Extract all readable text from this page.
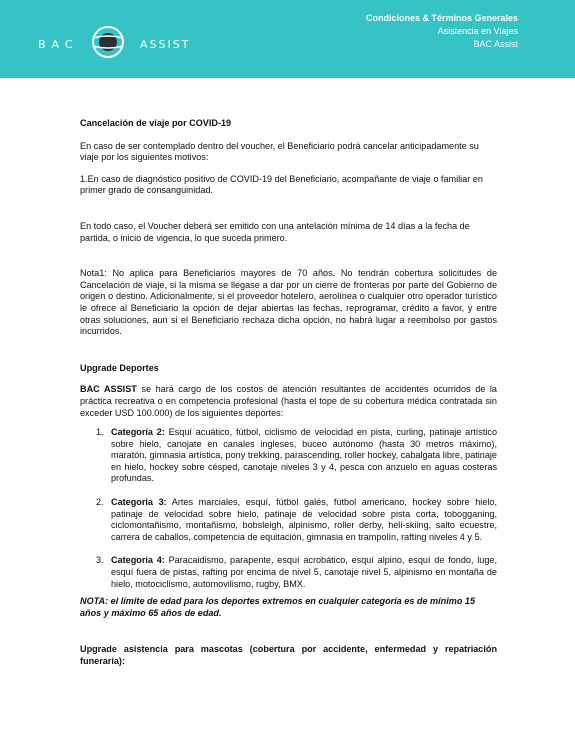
BAC	ASSIST
Condiciones & Términos Generales
Asistencia en Viajes
BAC Assist

Cancelación de viaje por COVID-19

En caso de ser contemplado dentro del voucher, el Beneficiario podrá cancelar anticipadamente su viaje por los siguientes motivos:

1.En caso de diagnóstico positivo de COVID-19 del Beneficiario, acompañante de viaje o familiar en primer grado de consanguinidad.

En todo caso, el Voucher deberá ser emitido con una antelación mínima de 14 días a la fecha de partida, o inicio de vigencia, lo que suceda primero.

Nota1: No aplica para Beneficiarios mayores de 70 años. No tendrán cobertura solicitudes de Cancelación de viaje, si la misma se llegase a dar por un cierre de fronteras por parte del Gobierno de origen o destino. Adicionalmente, si el proveedor hotelero, aerolínea o cualquier otro operador turístico le ofrece al Beneficiario la opción de dejar abiertas las fechas, reprogramar, crédito a favor, y entre otras soluciones, aun si el Beneficiario rechaza dicha opción, no habrá lugar a reembolso por gastos incurridos.

Upgrade Deportes

BAC ASSIST se hará cargo de los costos de atención resultantes de accidentes ocurridos de la práctica recreativa o en competencia profesional (hasta el tope de su cobertura médica contratada sin exceder USD 100.000) de los siguientes deportes:

1. Categoría 2: Esquí acuático, fútbol, ciclismo de velocidad en pista, curling, patinaje artístico sobre hielo, canojate en canales ingleses, buceo autónomo (hasta 30 metros máximo), maratón, gimnasia artística, pony trekking, parascending, roller hockey, cabalgata libre, patinaje en hielo, hockey sobre césped, canotaje niveles 3 y 4, pesca con anzuelo en aguas costeras profundas.
2. Categoria 3: Artes marciales, esquí, fútbol galés, fútbol americano, hockey sobre hielo, patinaje de velocidad sobre hielo, patinaje de velocidad sobre pista corta, tobogganing, ciclomontañismo, montañismo, bobsleigh, alpinismo, roller derby, heli-skiing, salto ecuestre, carrera de caballos, competencia de equitación, gimnasia en trampolín, rafting niveles 4 y 5.
3. Categoria 4: Paracaidismo, parapente, esquí acrobático, esquí alpino, esquí de fondo, luge, esquí fuera de pistas, rafting por encima de nivel 5, canotaje nivel 5, alpinismo en montaña de hielo, motociclismo, automovilismo, rugby, BMX.

NOTA: el límite de edad para los deportes extremos en cualquier categoría es de mínimo 15 años y máximo 65 años de edad.

Upgrade asistencia para mascotas (cobertura por accidente, enfermedad y repatriación funeraria):
